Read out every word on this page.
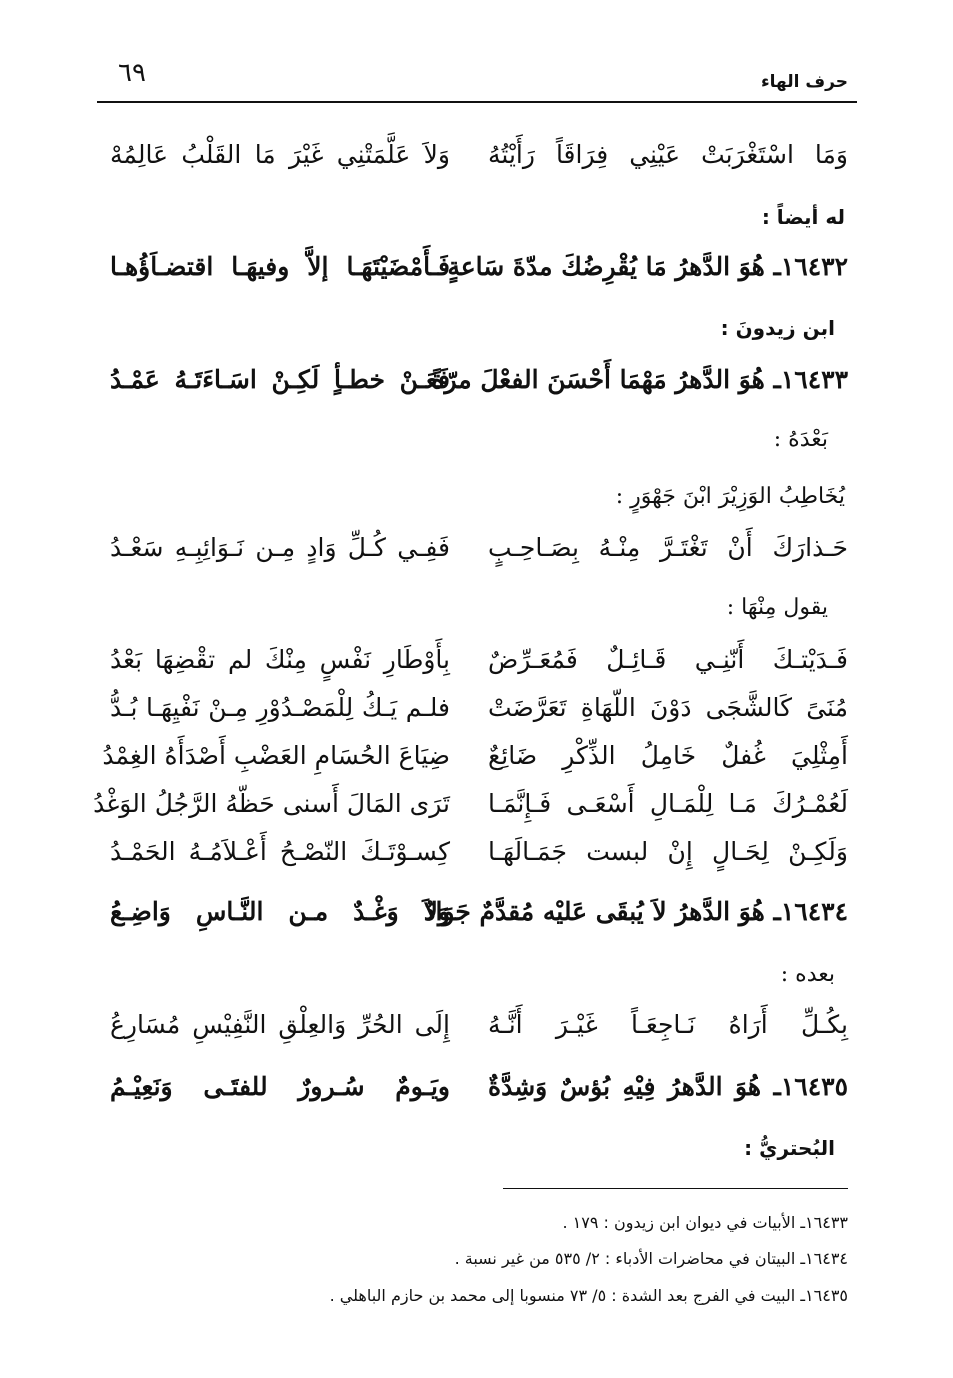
حرف الهاء
٦٩
وَمَا اسْتَغْرَبَتْ عَيْنِي فِرَاقَاً رَأَيْتُهُ
وَلاَ عَلَّمَتْنِي غَيْرَ مَا القَلْبُ عَالِمُهْ
له أيضاً :
١٦٤٣٢ـ هُوَ الدَّهرُ مَا يُقْرِضُكَ مدّةَ سَاعةٍ
فَـأَمْضَيْتَهَـا إلاَّ وفيهَـا اقتضـاَؤُهـا
ابن زيدونَ :
١٦٤٣٣ـ هُوَ الدَّهرُ مَهْمَا أَحْسَنَ الفعْلَ مرّةً
فَعَـنْ خطـأٍ لَكِـنْ اسَـاءَتَـهُ عَمْـدُ
بَعْدَهُ :
يُخَاطِبُ الوَزِيْرَ ابْنَ جَهْوَرٍ :
حَـذارَكَ أَنْ تَغْتَـرَّ مِنْـهُ بِصَـاحِـبٍ
فَفِـي كُـلِّ وَادٍ مِـن نَـوَائِبِـهِ سَعْـدُ
يقول مِنْهَا :
فَـدَيْتـكَ أَنّنِـي قَـائِـلٌ فَمُعَـرِّضٌ
بِأَوْطَارِ نَفْسٍ مِنْكَ لم تقْضِهَا بَعْدُ
مُنَىً كَالشَّجَى دَوْنَ اللّهَاةِ تَعَرَّضَتْ
فلـم يَـكُ لِلْمَصْـدُوْرِ مِـنْ نَفْيِهَـا بُـدُّ
أَمِثْلِيَ غُفلٌ خَامِلُ الذِّكْرِ ضَائِعٌ
ضِيَاعَ الحُسَامِ العَضْبِ أَصْدَأَهُ الغِمْدُ
لَعُمْـرُكَ مَـا لِلْمَـالِ أَسْعَـى فَـإِنَّمَـا
تَرَى المَالَ أَسنى حَظّهُ الرَّجُلُ الوَغْدُ
وَلَكِـنْ لِحَـالٍ إِنْ لبست جَمَـالَهَـا
كِسـوْتَـكَ النّصْـحُ أَعْـلاَمُـهُ الحَمْـدُ
١٦٤٣٤ـ هُوَ الدَّهرُ لاَ يُبقَى عَليْه مُقدَّمٌ جَوَادٌ
وَلاَ وَغْـدٌ مـن النَّـاسِ وَاضِـعُ
بعده :
بِكُـلِّ أَرَاهُ نَـاجِعَـاً غَيْـرَ أَنَّـهُ
إِلَى الحُرِّ وَالعِلْقِ النَّفِيْسِ مُسَارِعُ
١٦٤٣٥ـ هُوَ الدَّهرُ فِيْهِ بُؤسٌ وَشِدَّةٌ
ويَـومٌ سُـرورٌ للفتَـى وَنَعِيْـمُ
البُحتريُّ :
١٦٤٣٣ـ الأبيات في ديوان ابن زيدون : ١٧٩ .
١٦٤٣٤ـ البيتان في محاضرات الأدباء : ٢/ ٥٣٥ من غير نسبة .
١٦٤٣٥ـ البيت في الفرج بعد الشدة : ٥/ ٧٣ منسوبا إلى محمد بن حازم الباهلي .
